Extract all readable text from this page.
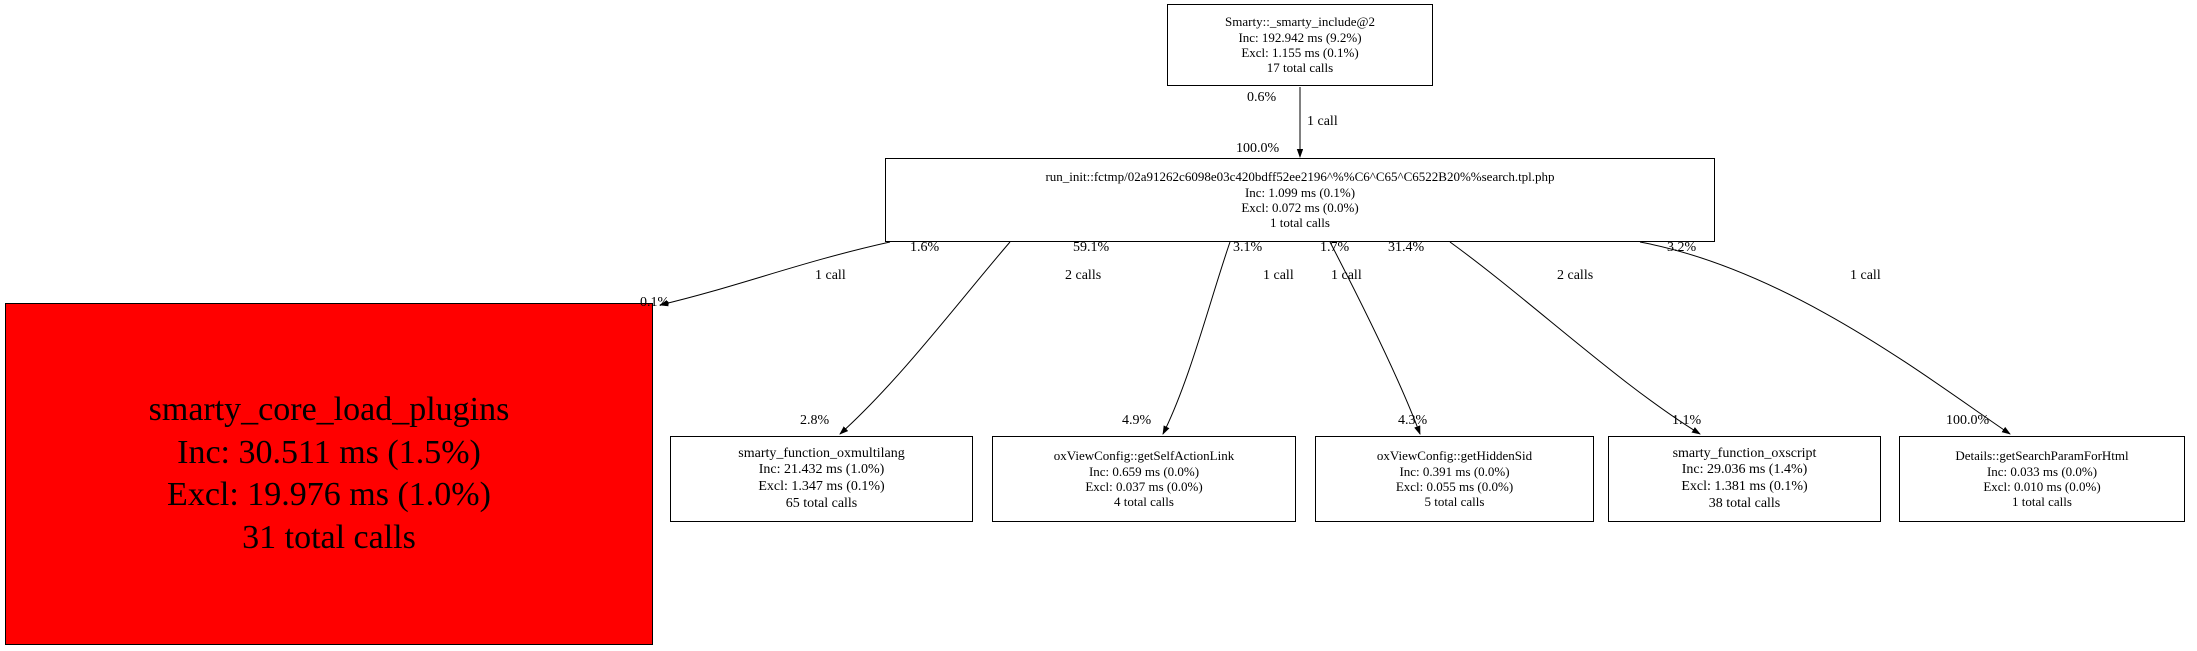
Smarty::_smarty_include@2
Inc: 192.942 ms (9.2%)
Excl: 1.155 ms (0.1%)
17 total calls
run_init::fctmp/02a91262c6098e03c420bdff52ee2196^%%C6^C65^C6522B20%%search.tpl.php
Inc: 1.099 ms (0.1%)
Excl: 0.072 ms (0.0%)
1 total calls
smarty_core_load_plugins
Inc: 30.511 ms (1.5%)
Excl: 19.976 ms (1.0%)
31 total calls
smarty_function_oxmultilang
Inc: 21.432 ms (1.0%)
Excl: 1.347 ms (0.1%)
65 total calls
oxViewConfig::getSelfActionLink
Inc: 0.659 ms (0.0%)
Excl: 0.037 ms (0.0%)
4 total calls
oxViewConfig::getHiddenSid
Inc: 0.391 ms (0.0%)
Excl: 0.055 ms (0.0%)
5 total calls
smarty_function_oxscript
Inc: 29.036 ms (1.4%)
Excl: 1.381 ms (0.1%)
38 total calls
Details::getSearchParamForHtml
Inc: 0.033 ms (0.0%)
Excl: 0.010 ms (0.0%)
1 total calls
0.6%
1 call
100.0%
0.1%
1.6%
1 call
59.1%
2 calls
2.8%
3.1%
1 call
4.9%
1.7%
1 call
4.3%
31.4%
2 calls
1.1%
3.2%
1 call
100.0%
